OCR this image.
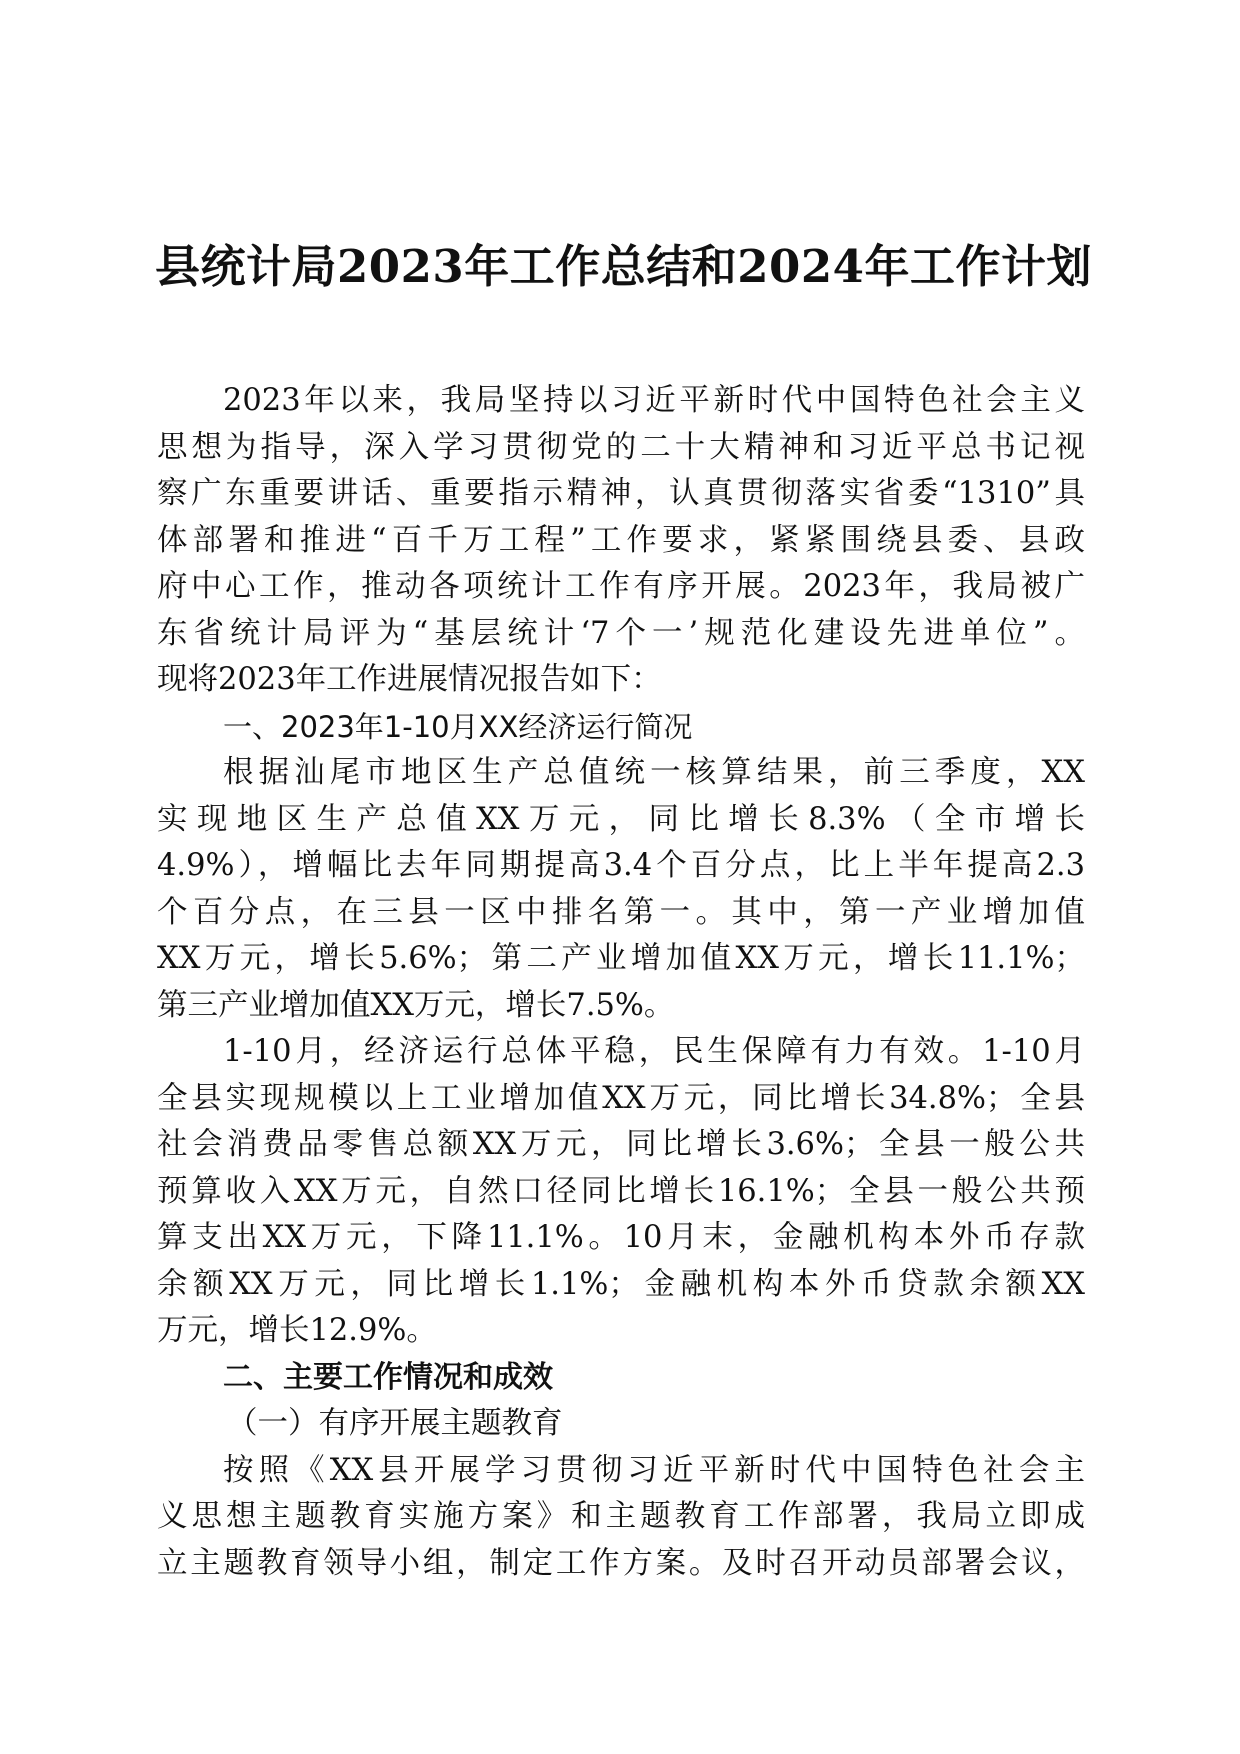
县统计局2023年工作总结和2024年工作计划
2023年以来，我局坚持以习近平新时代中国特色社会主义
思想为指导，深入学习贯彻党的二十大精神和习近平总书记视
察广东重要讲话、重要指示精神，认真贯彻落实省委“1310”具
体部署和推进“百千万工程”工作要求，紧紧围绕县委、县政
府中心工作，推动各项统计工作有序开展。2023年，我局被广
东省统计局评为“基层统计‘7个一’规范化建设先进单位”。
现将2023年工作进展情况报告如下：
一、2023年1-10月XX经济运行简况
根据汕尾市地区生产总值统一核算结果，前三季度，XX
实现地区生产总值XX万元，同比增长8.3%（全市增长
4.9%），增幅比去年同期提高3.4个百分点，比上半年提高2.3
个百分点，在三县一区中排名第一。其中，第一产业增加值
XX万元，增长5.6%；第二产业增加值XX万元，增长11.1%；
第三产业增加值XX万元，增长7.5%。
1-10月，经济运行总体平稳，民生保障有力有效。1-10月
全县实现规模以上工业增加值XX万元，同比增长34.8%；全县
社会消费品零售总额XX万元，同比增长3.6%；全县一般公共
预算收入XX万元，自然口径同比增长16.1%；全县一般公共预
算支出XX万元，下降11.1%。10月末，金融机构本外币存款
余额XX万元，同比增长1.1%；金融机构本外币贷款余额XX
万元，增长12.9%。
二、主要工作情况和成效
（一）有序开展主题教育
按照《XX县开展学习贯彻习近平新时代中国特色社会主
义思想主题教育实施方案》和主题教育工作部署，我局立即成
立主题教育领导小组，制定工作方案。及时召开动员部署会议，
